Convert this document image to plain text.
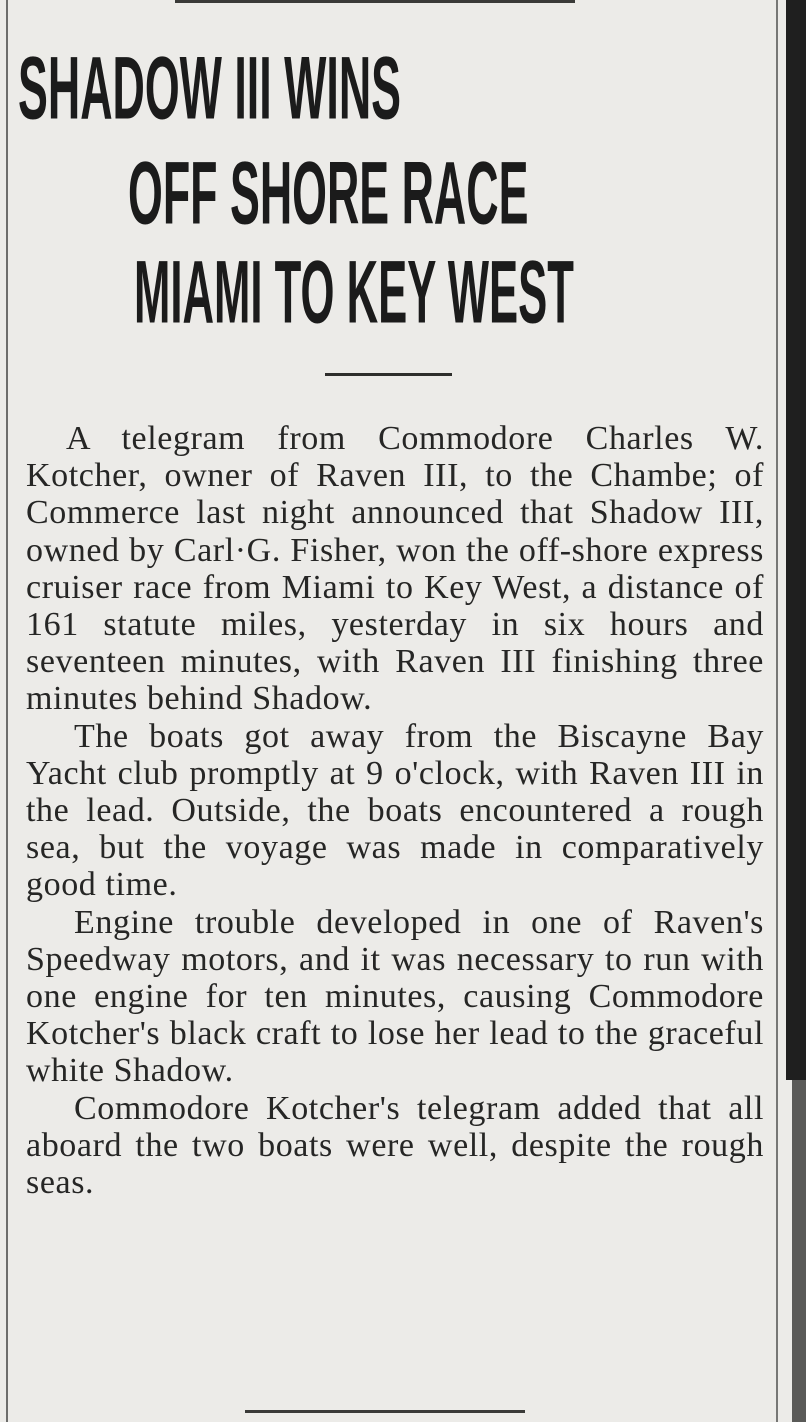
SHADOW III WINS
OFF SHORE RACE
MIAMI TO KEY WEST

A telegram from Commodore Charles W. Kotcher, owner of Raven III, to the Chambe; of Commerce last night announced that Shadow III, owned by Carl·G. Fisher, won the off-shore express cruiser race from Miami to Key West, a distance of 161 statute miles, yesterday in six hours and seventeen minutes, with Raven III finishing three minutes behind Shadow.

The boats got away from the Biscayne Bay Yacht club promptly at 9 o'clock, with Raven III in the lead. Outside, the boats encountered a rough sea, but the voyage was made in comparatively good time.

Engine trouble developed in one of Raven's Speedway motors, and it was necessary to run with one engine for ten minutes, causing Commodore Kotcher's black craft to lose her lead to the graceful white Shadow.

Commodore Kotcher's telegram added that all aboard the two boats were well, despite the rough seas.
